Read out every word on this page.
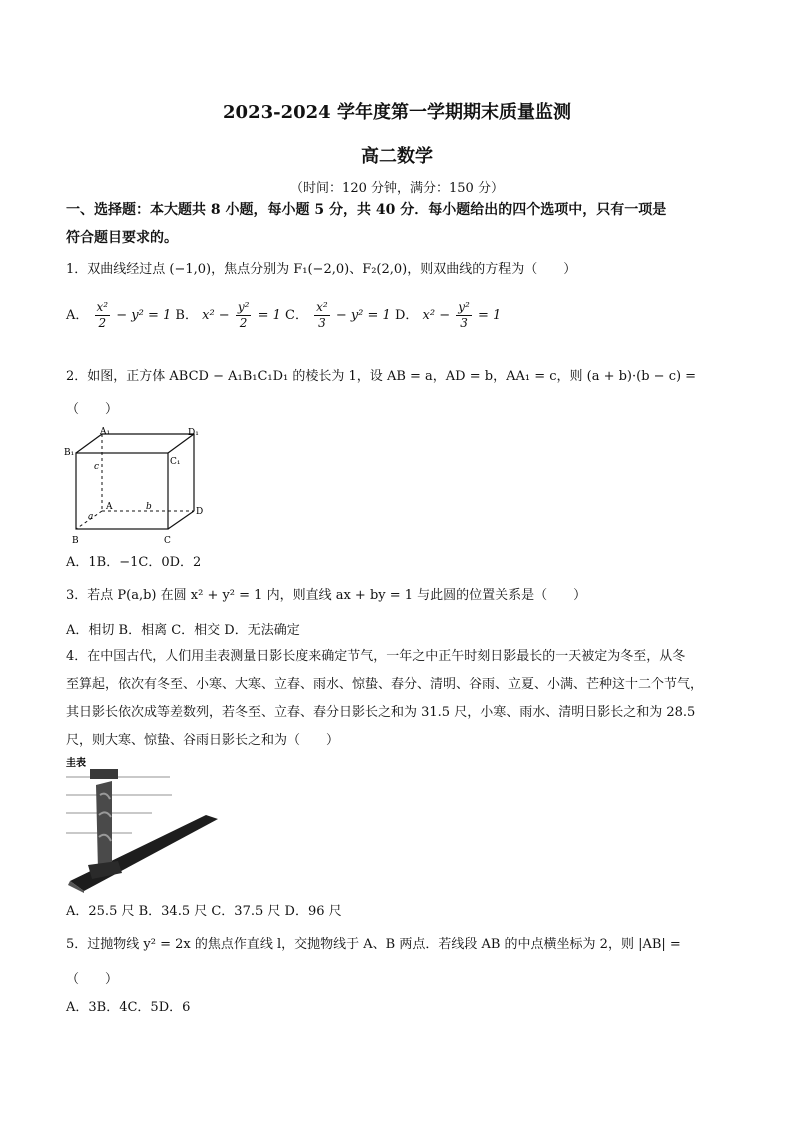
2023-2024 学年度第一学期期末质量监测
高二数学
（时间：120 分钟，满分：150 分）
一、选择题：本大题共 8 小题，每小题 5 分，共 40 分．每小题给出的四个选项中，只有一项是
符合题目要求的。
1．双曲线经过点 (−1,0)，焦点分别为 F₁(−2,0)、F₂(2,0)，则双曲线的方程为（　　）
A． $\frac{\text{x²}}{2} - y^2 = 1$ B． $x^2 - \frac{\text{y²}}{2} = 1$ C． $\frac{\text{x²}}{3} - y^2 = 1$ D． $x^2 - \frac{\text{y²}}{3} = 1$
2．如图，正方体 ABCD − A₁B₁C₁D₁ 的棱长为 1，设 AB = a，AD = b，AA₁ = c，则 (a + b)·(b − c) =
（　　）
A₁	D₁
B₁
C₁
A
B	C
D
c
a
b
A．1B．−1C．0D．2
3．若点 P(a,b) 在圆 x² + y² = 1 内，则直线 ax + by = 1 与此圆的位置关系是（　　）
A．相切 B．相离 C．相交 D．无法确定
4．在中国古代，人们用圭表测量日影长度来确定节气，一年之中正午时刻日影最长的一天被定为冬至，从冬
至算起，依次有冬至、小寒、大寒、立春、雨水、惊蛰、春分、清明、谷雨、立夏、小满、芒种这十二个节气，
其日影长依次成等差数列，若冬至、立春、春分日影长之和为 31.5 尺，小寒、雨水、清明日影长之和为 28.5
尺，则大寒、惊蛰、谷雨日影长之和为（　　）
圭表
A．25.5 尺 B．34.5 尺 C．37.5 尺 D．96 尺
5．过抛物线 y² = 2x 的焦点作直线 l，交抛物线于 A、B 两点．若线段 AB 的中点横坐标为 2，则 |AB| =
（　　）
A．3B．4C．5D．6
